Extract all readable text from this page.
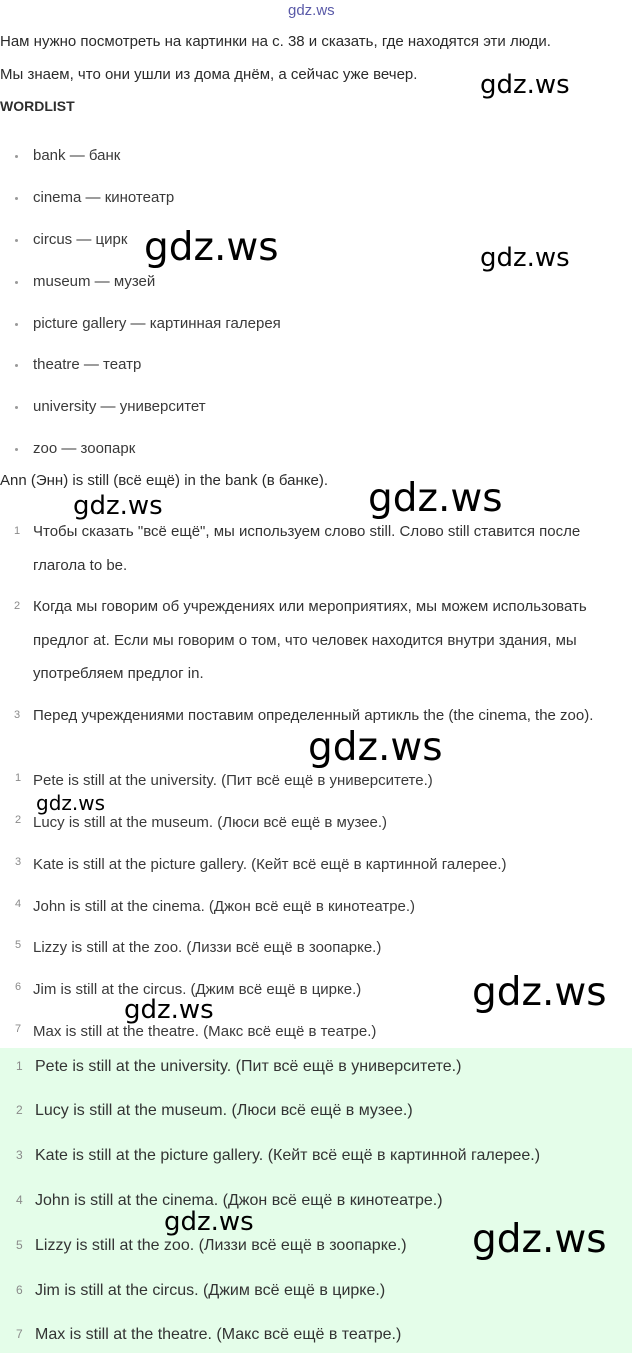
gdz.ws
Нам нужно посмотреть на картинки на с. 38 и сказать, где находятся эти люди.
Мы знаем, что они ушли из дома днём, а сейчас уже вечер.
WORDLIST
bank — банк
cinema — кинотеатр
circus — цирк
museum — музей
picture gallery — картинная галерея
theatre — театр
university — университет
zoo — зоопарк
Ann (Энн) is still (всё ещё) in the bank (в банке).
1 Чтобы сказать "всё ещё", мы используем слово still. Слово still ставится после глагола to be.
2 Когда мы говорим об учреждениях или мероприятиях, мы можем использовать предлог at. Если мы говорим о том, что человек находится внутри здания, мы употребляем предлог in.
3 Перед учреждениями поставим определенный артикль the (the cinema, the zoo).
1 Pete is still at the university. (Пит всё ещё в университете.)
2 Lucy is still at the museum. (Люси всё ещё в музее.)
3 Kate is still at the picture gallery. (Кейт всё ещё в картинной галерее.)
4 John is still at the cinema. (Джон всё ещё в кинотеатре.)
5 Lizzy is still at the zoo. (Лиззи всё ещё в зоопарке.)
6 Jim is still at the circus. (Джим всё ещё в цирке.)
7 Max is still at the theatre. (Макс всё ещё в театре.)
1 Pete is still at the university. (Пит всё ещё в университете.)
2 Lucy is still at the museum. (Люси всё ещё в музее.)
3 Kate is still at the picture gallery. (Кейт всё ещё в картинной галерее.)
4 John is still at the cinema. (Джон всё ещё в кинотеатре.)
5 Lizzy is still at the zoo. (Лиззи всё ещё в зоопарке.)
6 Jim is still at the circus. (Джим всё ещё в цирке.)
7 Max is still at the theatre. (Макс всё ещё в театре.)
gdz.ws
gdz.ws	gdz.ws
gdz.ws
gdz.ws
gdz.ws
gdz.ws
gdz.ws
gdz.ws
gdz.ws	gdz.ws
